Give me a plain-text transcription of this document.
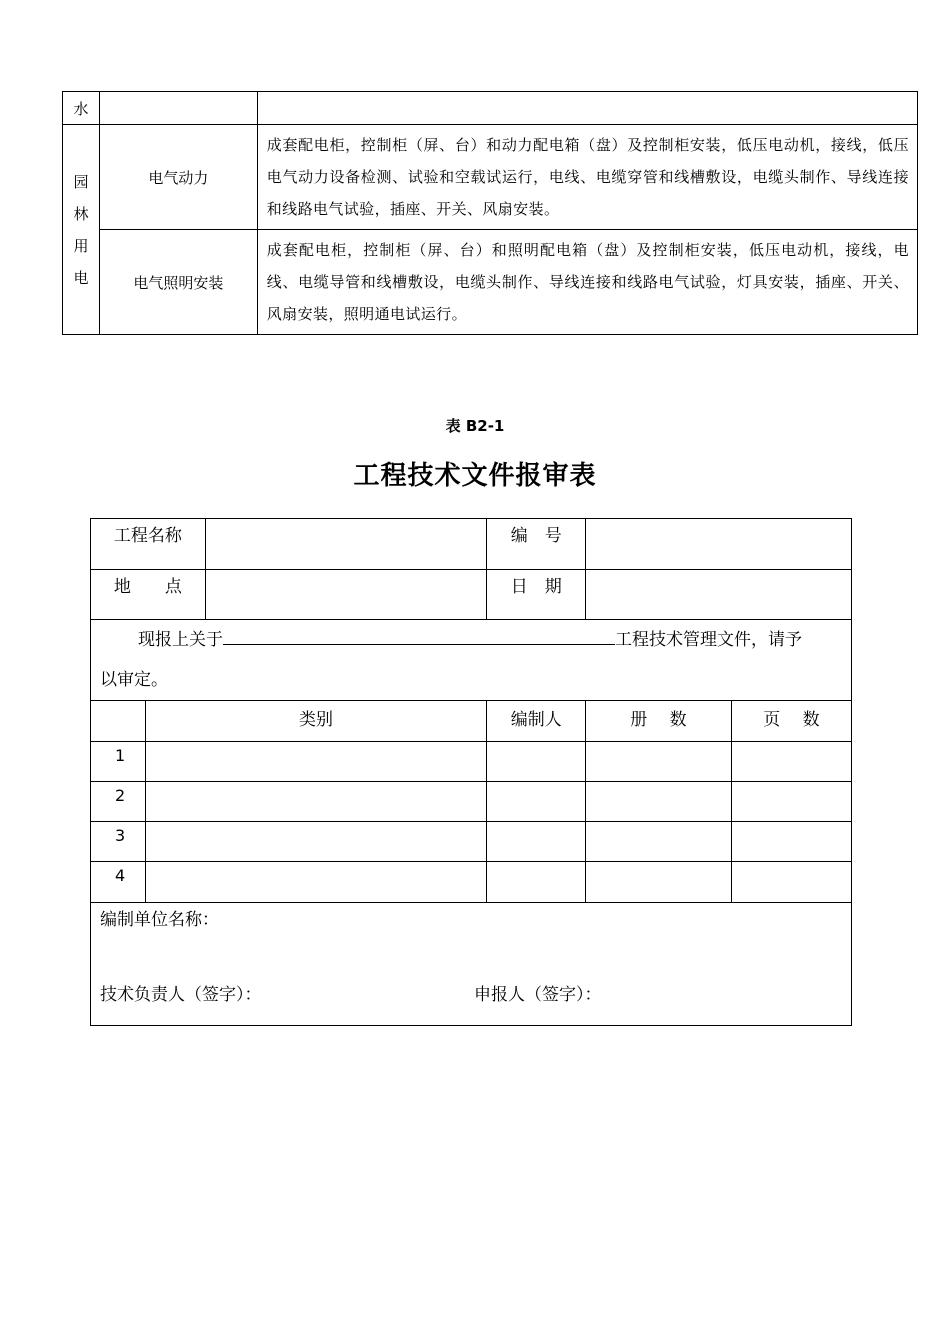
水		

园
林
用
电	电气动力	成套配电柜，控制柜（屏、台）和动力配电箱（盘）及控制柜安装，低压电动机，接线，低压电气动力设备检测、试验和空载试运行，电线、电缆穿管和线槽敷设，电缆头制作、导线连接和线路电气试验，插座、开关、风扇安装。
	电气照明安装	成套配电柜，控制柜（屏、台）和照明配电箱（盘）及控制柜安装，低压电动机，接线，电线、电缆导管和线槽敷设，电缆头制作、导线连接和线路电气试验，灯具安装，插座、开关、风扇安装，照明通电试运行。
表 B2-1
工程技术文件报审表
工程名称			编　号		
地　　点			日　期		

现报上关于 工程技术管理文件，请予
以审定。					

	类别		编制人	册　 数	页　 数
1					
2					
3					
4					

编制单位名称：
技术负责人（签字）： 申报人（签字）：					
